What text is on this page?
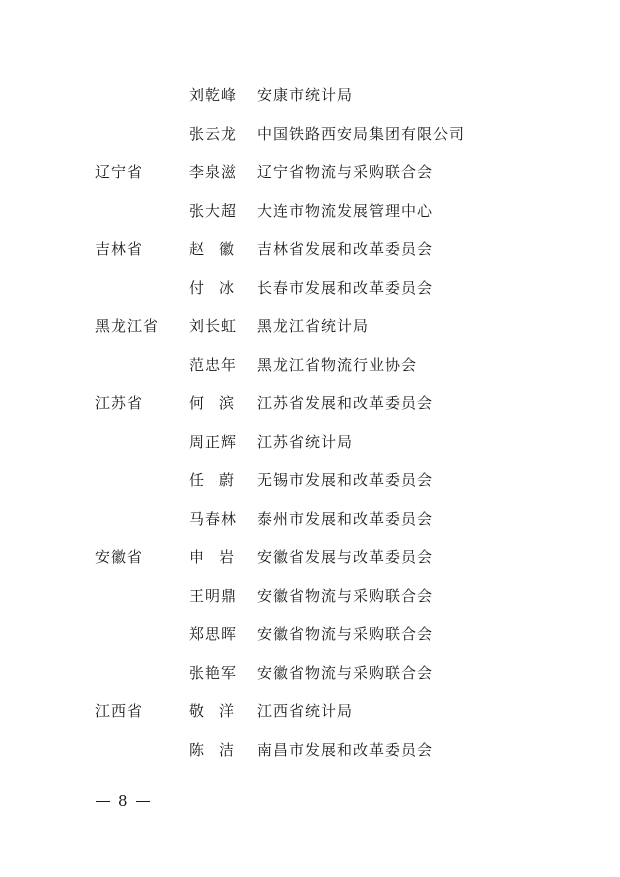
刘乾峰 安康市统计局
张云龙 中国铁路西安局集团有限公司
辽宁省	李泉滋 辽宁省物流与采购联合会
张大超 大连市物流发展管理中心
吉林省	赵 徽 吉林省发展和改革委员会
付 冰 长春市发展和改革委员会
黑龙江省 刘长虹 黑龙江省统计局
范忠年 黑龙江省物流行业协会
江苏省	何 滨 江苏省发展和改革委员会
周正辉 江苏省统计局
任 蔚 无锡市发展和改革委员会
马春林 泰州市发展和改革委员会
安徽省	申 岩 安徽省发展与改革委员会
王明鼎 安徽省物流与采购联合会
郑思晖 安徽省物流与采购联合会
张艳军 安徽省物流与采购联合会
江西省	敬 洋 江西省统计局
陈 洁 南昌市发展和改革委员会
8
